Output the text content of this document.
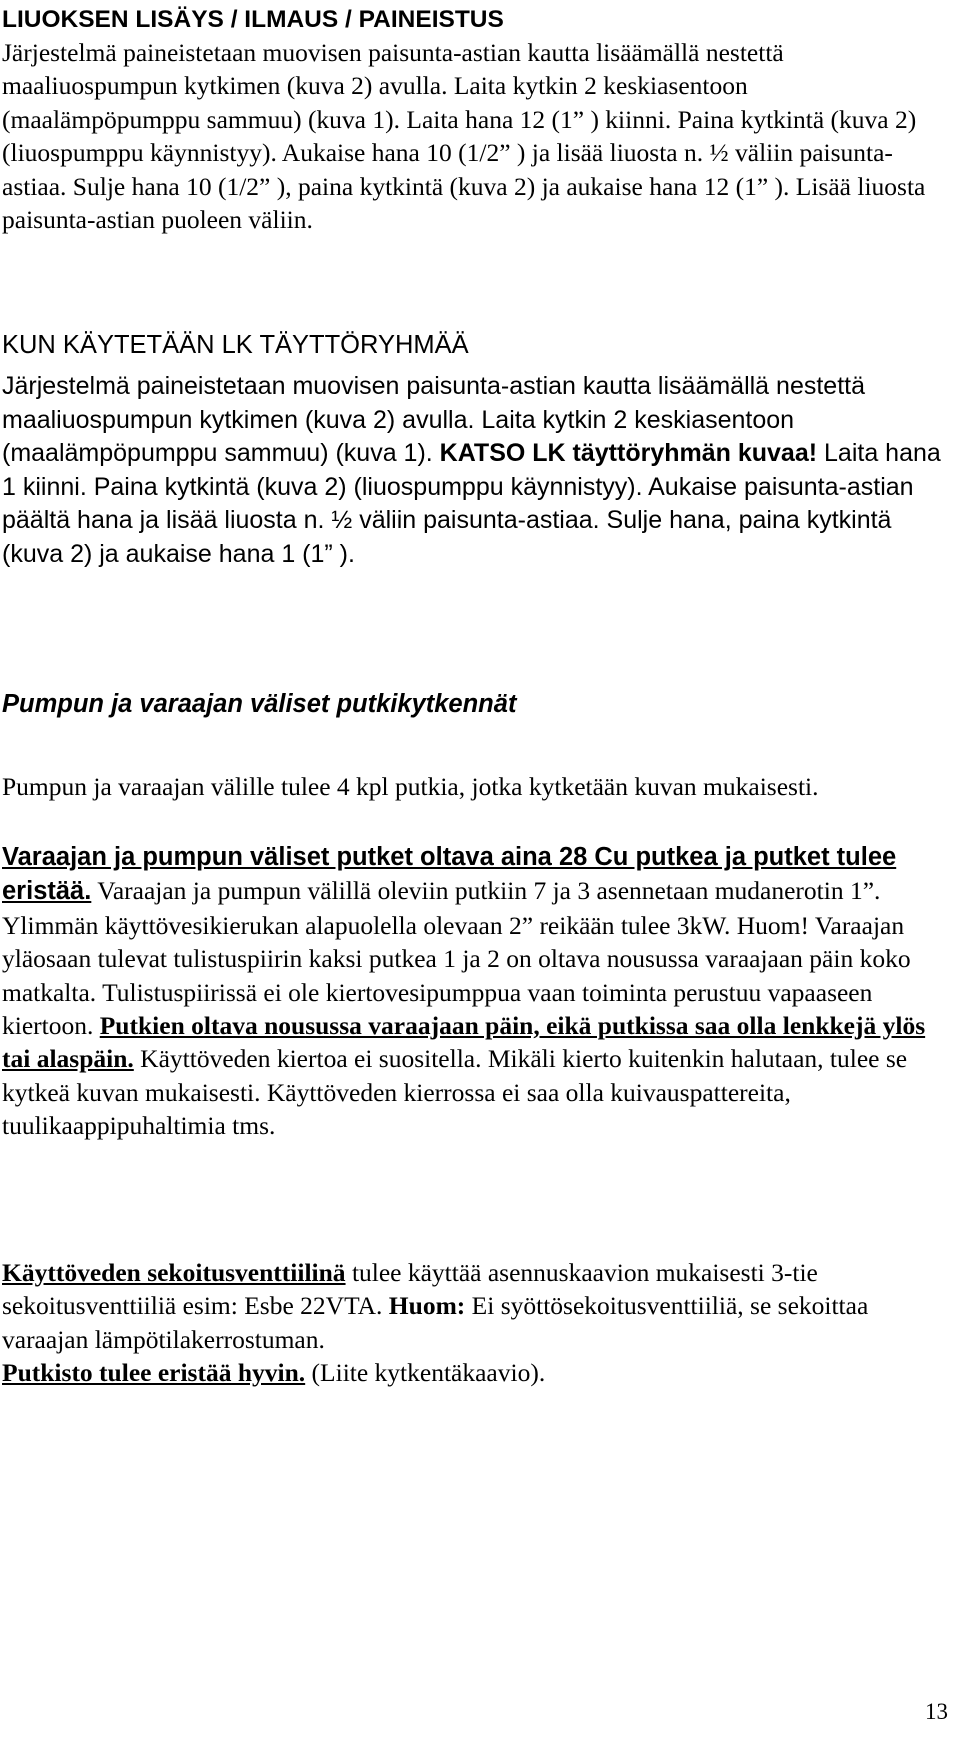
LIUOKSEN LISÄYS / ILMAUS / PAINEISTUS

Järjestelmä paineistetaan muovisen paisunta-astian kautta lisäämällä nestettä maaliuospumpun kytkimen (kuva 2) avulla. Laita kytkin 2 keskiasentoon (maalämpöpumppu sammuu) (kuva 1). Laita hana 12 (1” ) kiinni. Paina kytkintä (kuva 2) (liuospumppu käynnistyy). Aukaise hana 10 (1/2” ) ja lisää liuosta n. ½ väliin paisunta-astiaa. Sulje hana 10 (1/2” ), paina kytkintä (kuva 2) ja aukaise hana 12 (1” ). Lisää liuosta paisunta-astian puoleen väliin.

KUN KÄYTETÄÄN LK TÄYTTÖRYHMÄÄ

Järjestelmä paineistetaan muovisen paisunta-astian kautta lisäämällä nestettä maaliuospumpun kytkimen (kuva 2) avulla. Laita kytkin 2 keskiasentoon (maalämpöpumppu sammuu) (kuva 1). KATSO LK täyttöryhmän kuvaa! Laita hana 1 kiinni. Paina kytkintä (kuva 2) (liuospumppu käynnistyy). Aukaise paisunta-astian päältä hana ja lisää liuosta n. ½ väliin paisunta-astiaa. Sulje hana, paina kytkintä (kuva 2) ja aukaise hana 1 (1” ).

Pumpun ja varaajan väliset putkikytkennät

Pumpun ja varaajan välille tulee 4 kpl putkia, jotka kytketään kuvan mukaisesti.

Varaajan ja pumpun väliset putket oltava aina 28 Cu putkea ja putket tulee eristää. Varaajan ja pumpun välillä oleviin putkiin 7 ja 3 asennetaan mudanerotin 1”. Ylimmän käyttövesikierukan alapuolella olevaan 2” reikään tulee 3kW. Huom! Varaajan yläosaan tulevat tulistuspiirin kaksi putkea 1 ja 2 on oltava nousussa varaajaan päin koko matkalta. Tulistuspiirissä ei ole kiertovesipumppua vaan toiminta perustuu vapaaseen kiertoon. Putkien oltava nousussa varaajaan päin, eikä putkissa saa olla lenkkejä ylös tai alaspäin. Käyttöveden kiertoa ei suositella. Mikäli kierto kuitenkin halutaan, tulee se kytkeä kuvan mukaisesti. Käyttöveden kierrossa ei saa olla kuivauspattereita, tuulikaappipuhaltimia tms.

Käyttöveden sekoitusventtiilinä tulee käyttää asennuskaavion mukaisesti 3-tie sekoitusventtiiliä esim: Esbe 22VTA. Huom: Ei syöttösekoitusventtiiliä, se sekoittaa varaajan lämpötilakerrostuman.
Putkisto tulee eristää hyvin. (Liite kytkentäkaavio).

13
